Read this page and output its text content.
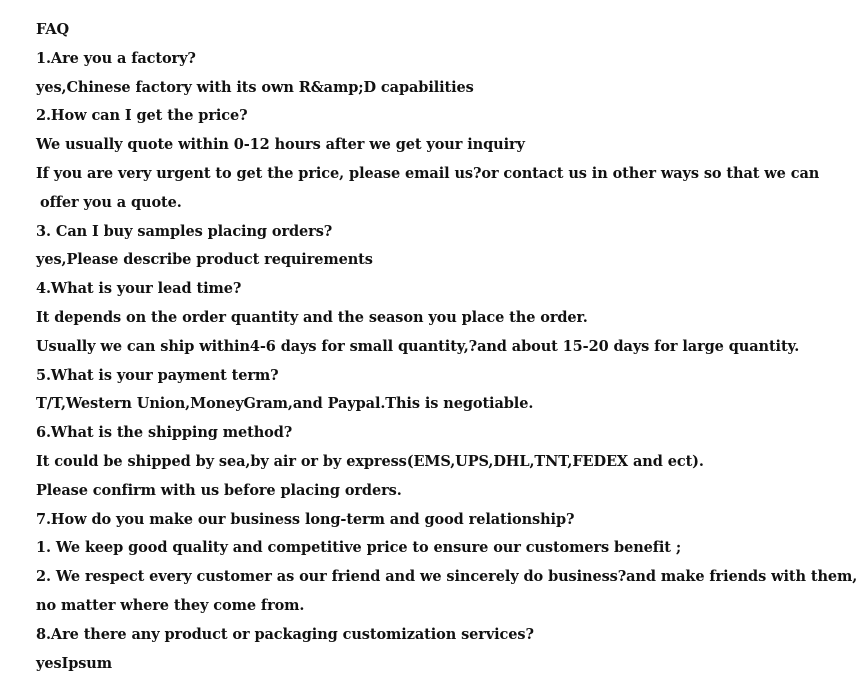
FAQ

1.Are you a factory?

yes,Chinese factory with its own R&amp;D capabilities

2.How can I get the price?

We usually quote within 0-12 hours after we get your inquiry

If you are very urgent to get the price, please email us?or contact us in other ways so that we can

offer you a quote.

3. Can I buy samples placing orders?

yes,Please describe product requirements

4.What is your lead time?

It depends on the order quantity and the season you place the order.

Usually we can ship within4-6 days for small quantity,?and about 15-20 days for large quantity.

5.What is your payment term?

T/T,Western Union,MoneyGram,and Paypal.This is negotiable.

6.What is the shipping method?

It could be shipped by sea,by air or by express(EMS,UPS,DHL,TNT,FEDEX and ect).

Please confirm with us before placing orders.

7.How do you make our business long-term and good relationship?

1. We keep good quality and competitive price to ensure our customers benefit ;

2. We respect every customer as our friend and we sincerely do business?and make friends with them,

no matter where they come from.

8.Are there any product or packaging customization services?

yesIpsum
